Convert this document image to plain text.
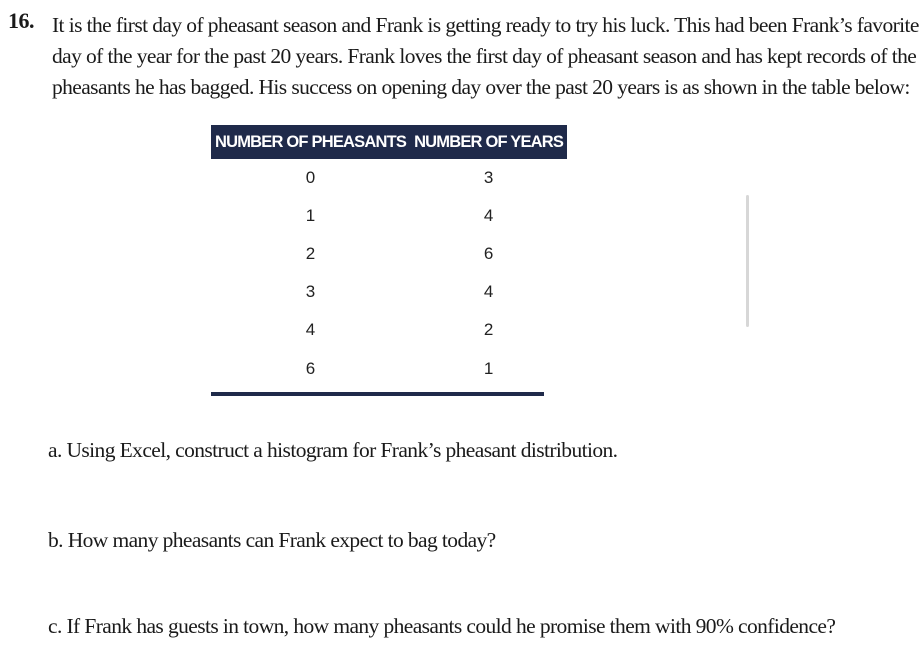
16. It is the first day of pheasant season and Frank is getting ready to try his luck. This had been Frank’s favorite
day of the year for the past 20 years. Frank loves the first day of pheasant season and has kept records of the
pheasants he has bagged. His success on opening day over the past 20 years is as shown in the table below:
NUMBER OF PHEASANTS	NUMBER OF YEARS
0	3
1	4
2	6
3	4
4	2
6	1
a. Using Excel, construct a histogram for Frank’s pheasant distribution.
b. How many pheasants can Frank expect to bag today?
c. If Frank has guests in town, how many pheasants could he promise them with 90% confidence?
